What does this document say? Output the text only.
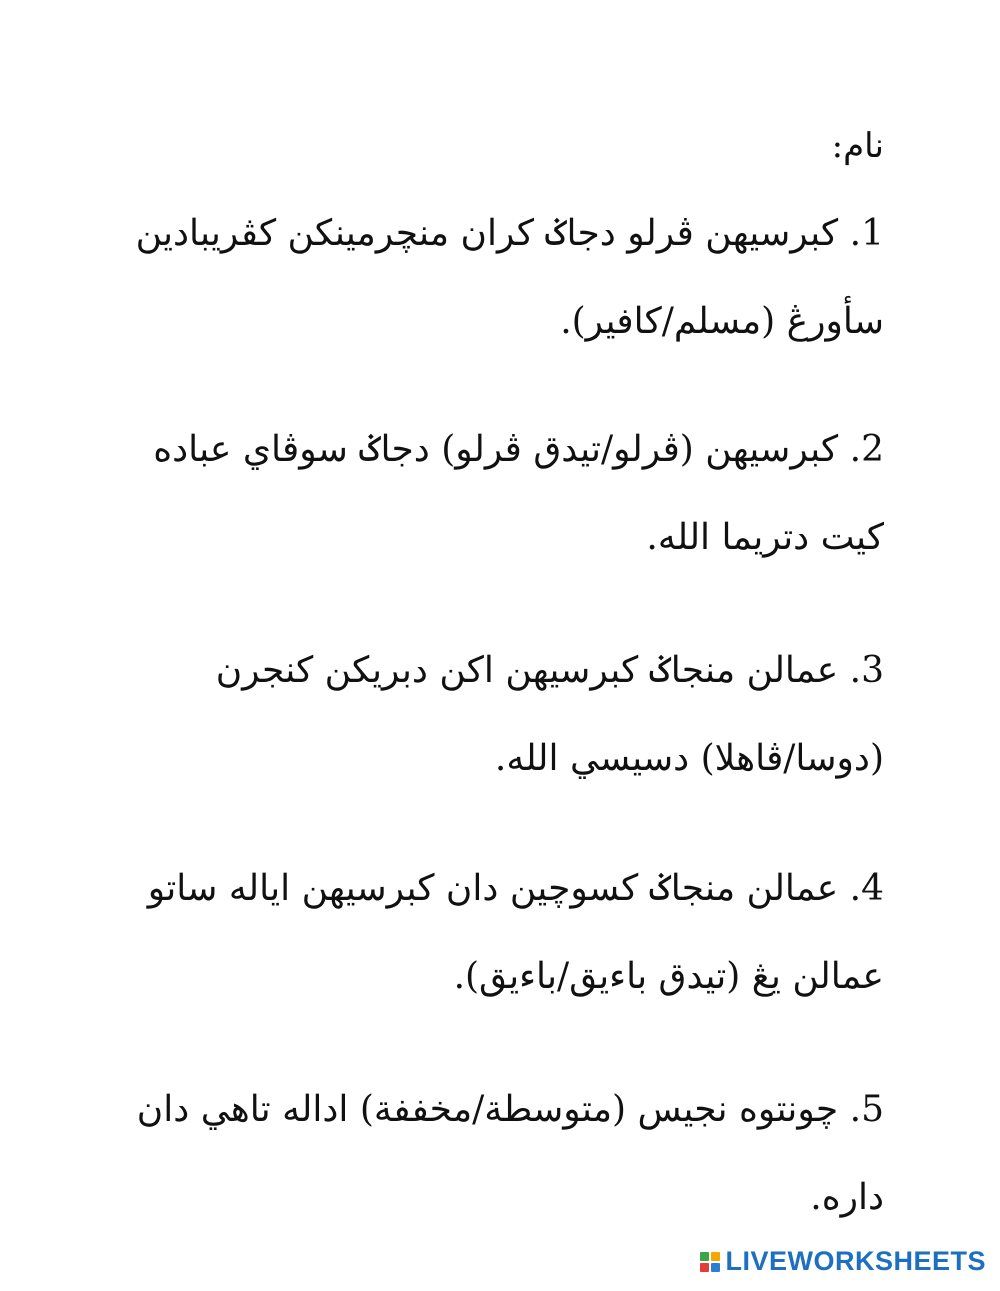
نام:
1. كبرسيهن ڤرلو دجاݢ كران منچرمينكن كڤريبادين سأورڠ (مسلم/كافير).
2. كبرسيهن (ڤرلو/تيدق ڤرلو) دجاݢ سوڤاي عباده كيت دتريما الله.
3. عمالن منجاݢ كبرسيهن اكن دبريكن كنجرن (دوسا/ڤاهلا) دسيسي الله.
4. عمالن منجاݢ كسوچين دان كبرسيهن اياله ساتو عمالن يڠ (تيدق باءيق/باءيق).
5. چونتوه نجيس (متوسطة/مخففة) اداله تاهي دان داره.
LIVEWORKSHEETS
